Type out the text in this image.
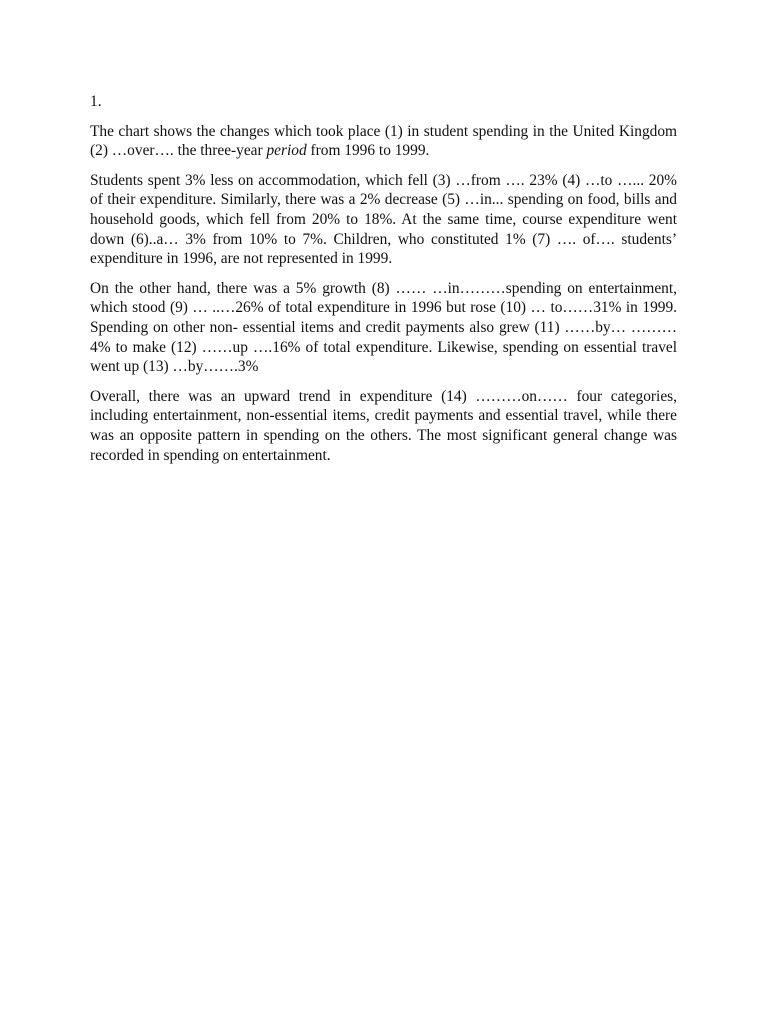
1.

The chart shows the changes which took place (1) in student spending in the United Kingdom (2) …over…. the three-year period from 1996 to 1999.

Students spent 3% less on accommodation, which fell (3) …from …. 23% (4) …to …... 20% of their expenditure. Similarly, there was a 2% decrease (5) …in... spending on food, bills and household goods, which fell from 20% to 18%. At the same time, course expenditure went down (6)..a… 3% from 10% to 7%. Children, who constituted 1% (7) …. of…. students’ expenditure in 1996, are not represented in 1999.

On the other hand, there was a 5% growth (8) …… …in………spending on entertainment, which stood (9) … ..…26% of total expenditure in 1996 but rose (10) … to……31% in 1999. Spending on other non- essential items and credit payments also grew (11) ……by… ……… 4% to make (12) ……up ….16% of total expenditure. Likewise, spending on essential travel went up (13) …by…….3%

Overall, there was an upward trend in expenditure (14) ………on…… four categories, including entertainment, non-essential items, credit payments and essential travel, while there was an opposite pattern in spending on the others. The most significant general change was recorded in spending on entertainment.
